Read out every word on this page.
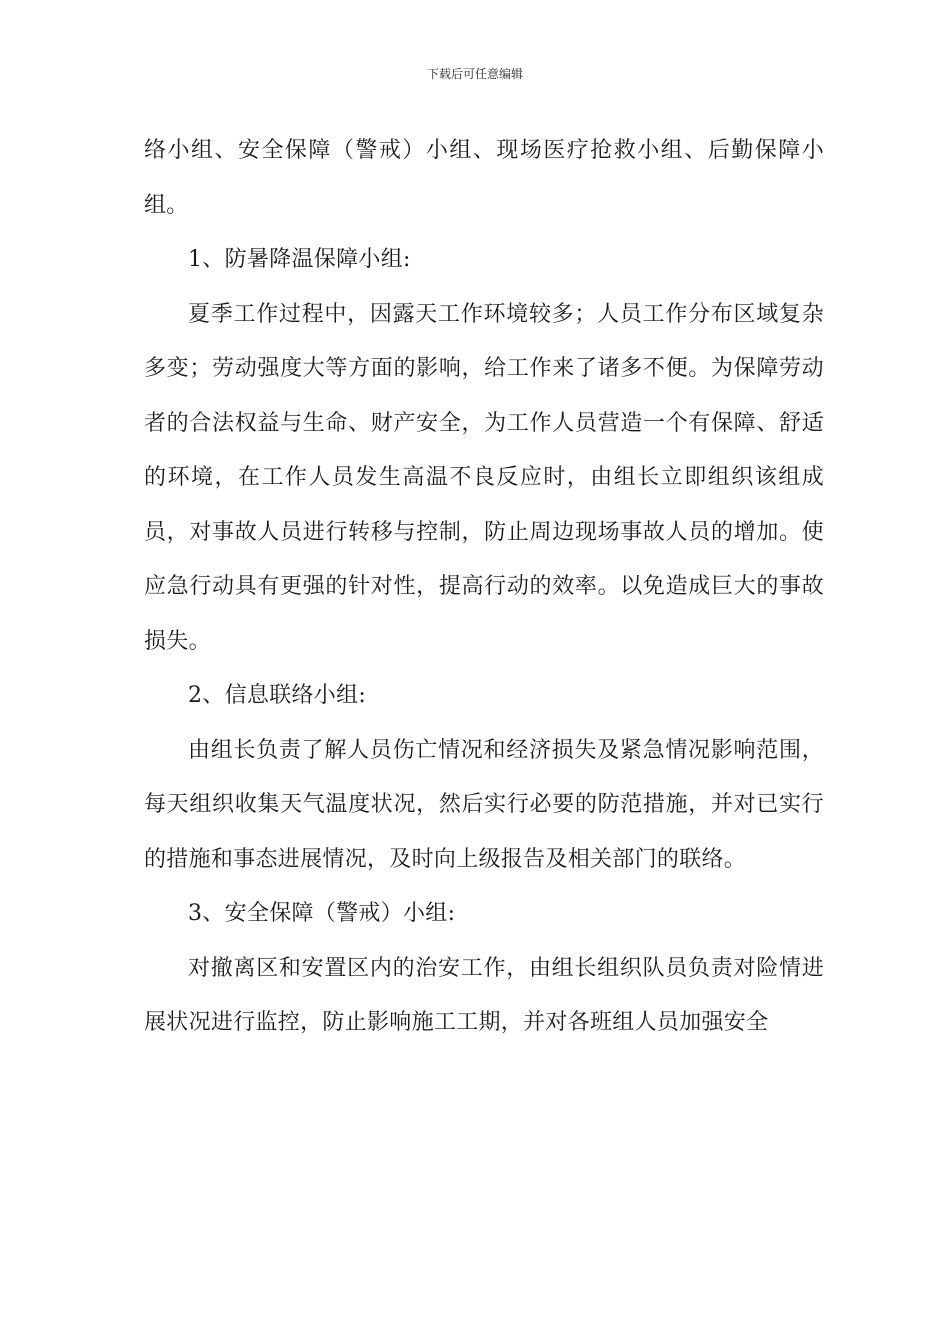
下载后可任意编辑

络小组、安全保障（警戒）小组、现场医疗抢救小组、后勤保障小组。

1、防暑降温保障小组:

夏季工作过程中，因露天工作环境较多；人员工作分布区域复杂多变；劳动强度大等方面的影响，给工作来了诸多不便。为保障劳动者的合法权益与生命、财产安全，为工作人员营造一个有保障、舒适的环境，在工作人员发生高温不良反应时，由组长立即组织该组成员，对事故人员进行转移与控制，防止周边现场事故人员的增加。使应急行动具有更强的针对性，提高行动的效率。以免造成巨大的事故损失。

2、信息联络小组:

由组长负责了解人员伤亡情况和经济损失及紧急情况影响范围，每天组织收集天气温度状况，然后实行必要的防范措施，并对已实行的措施和事态进展情况，及时向上级报告及相关部门的联络。

3、安全保障（警戒）小组:

对撤离区和安置区内的治安工作，由组长组织队员负责对险情进展状况进行监控，防止影响施工工期，并对各班组人员加强安全
